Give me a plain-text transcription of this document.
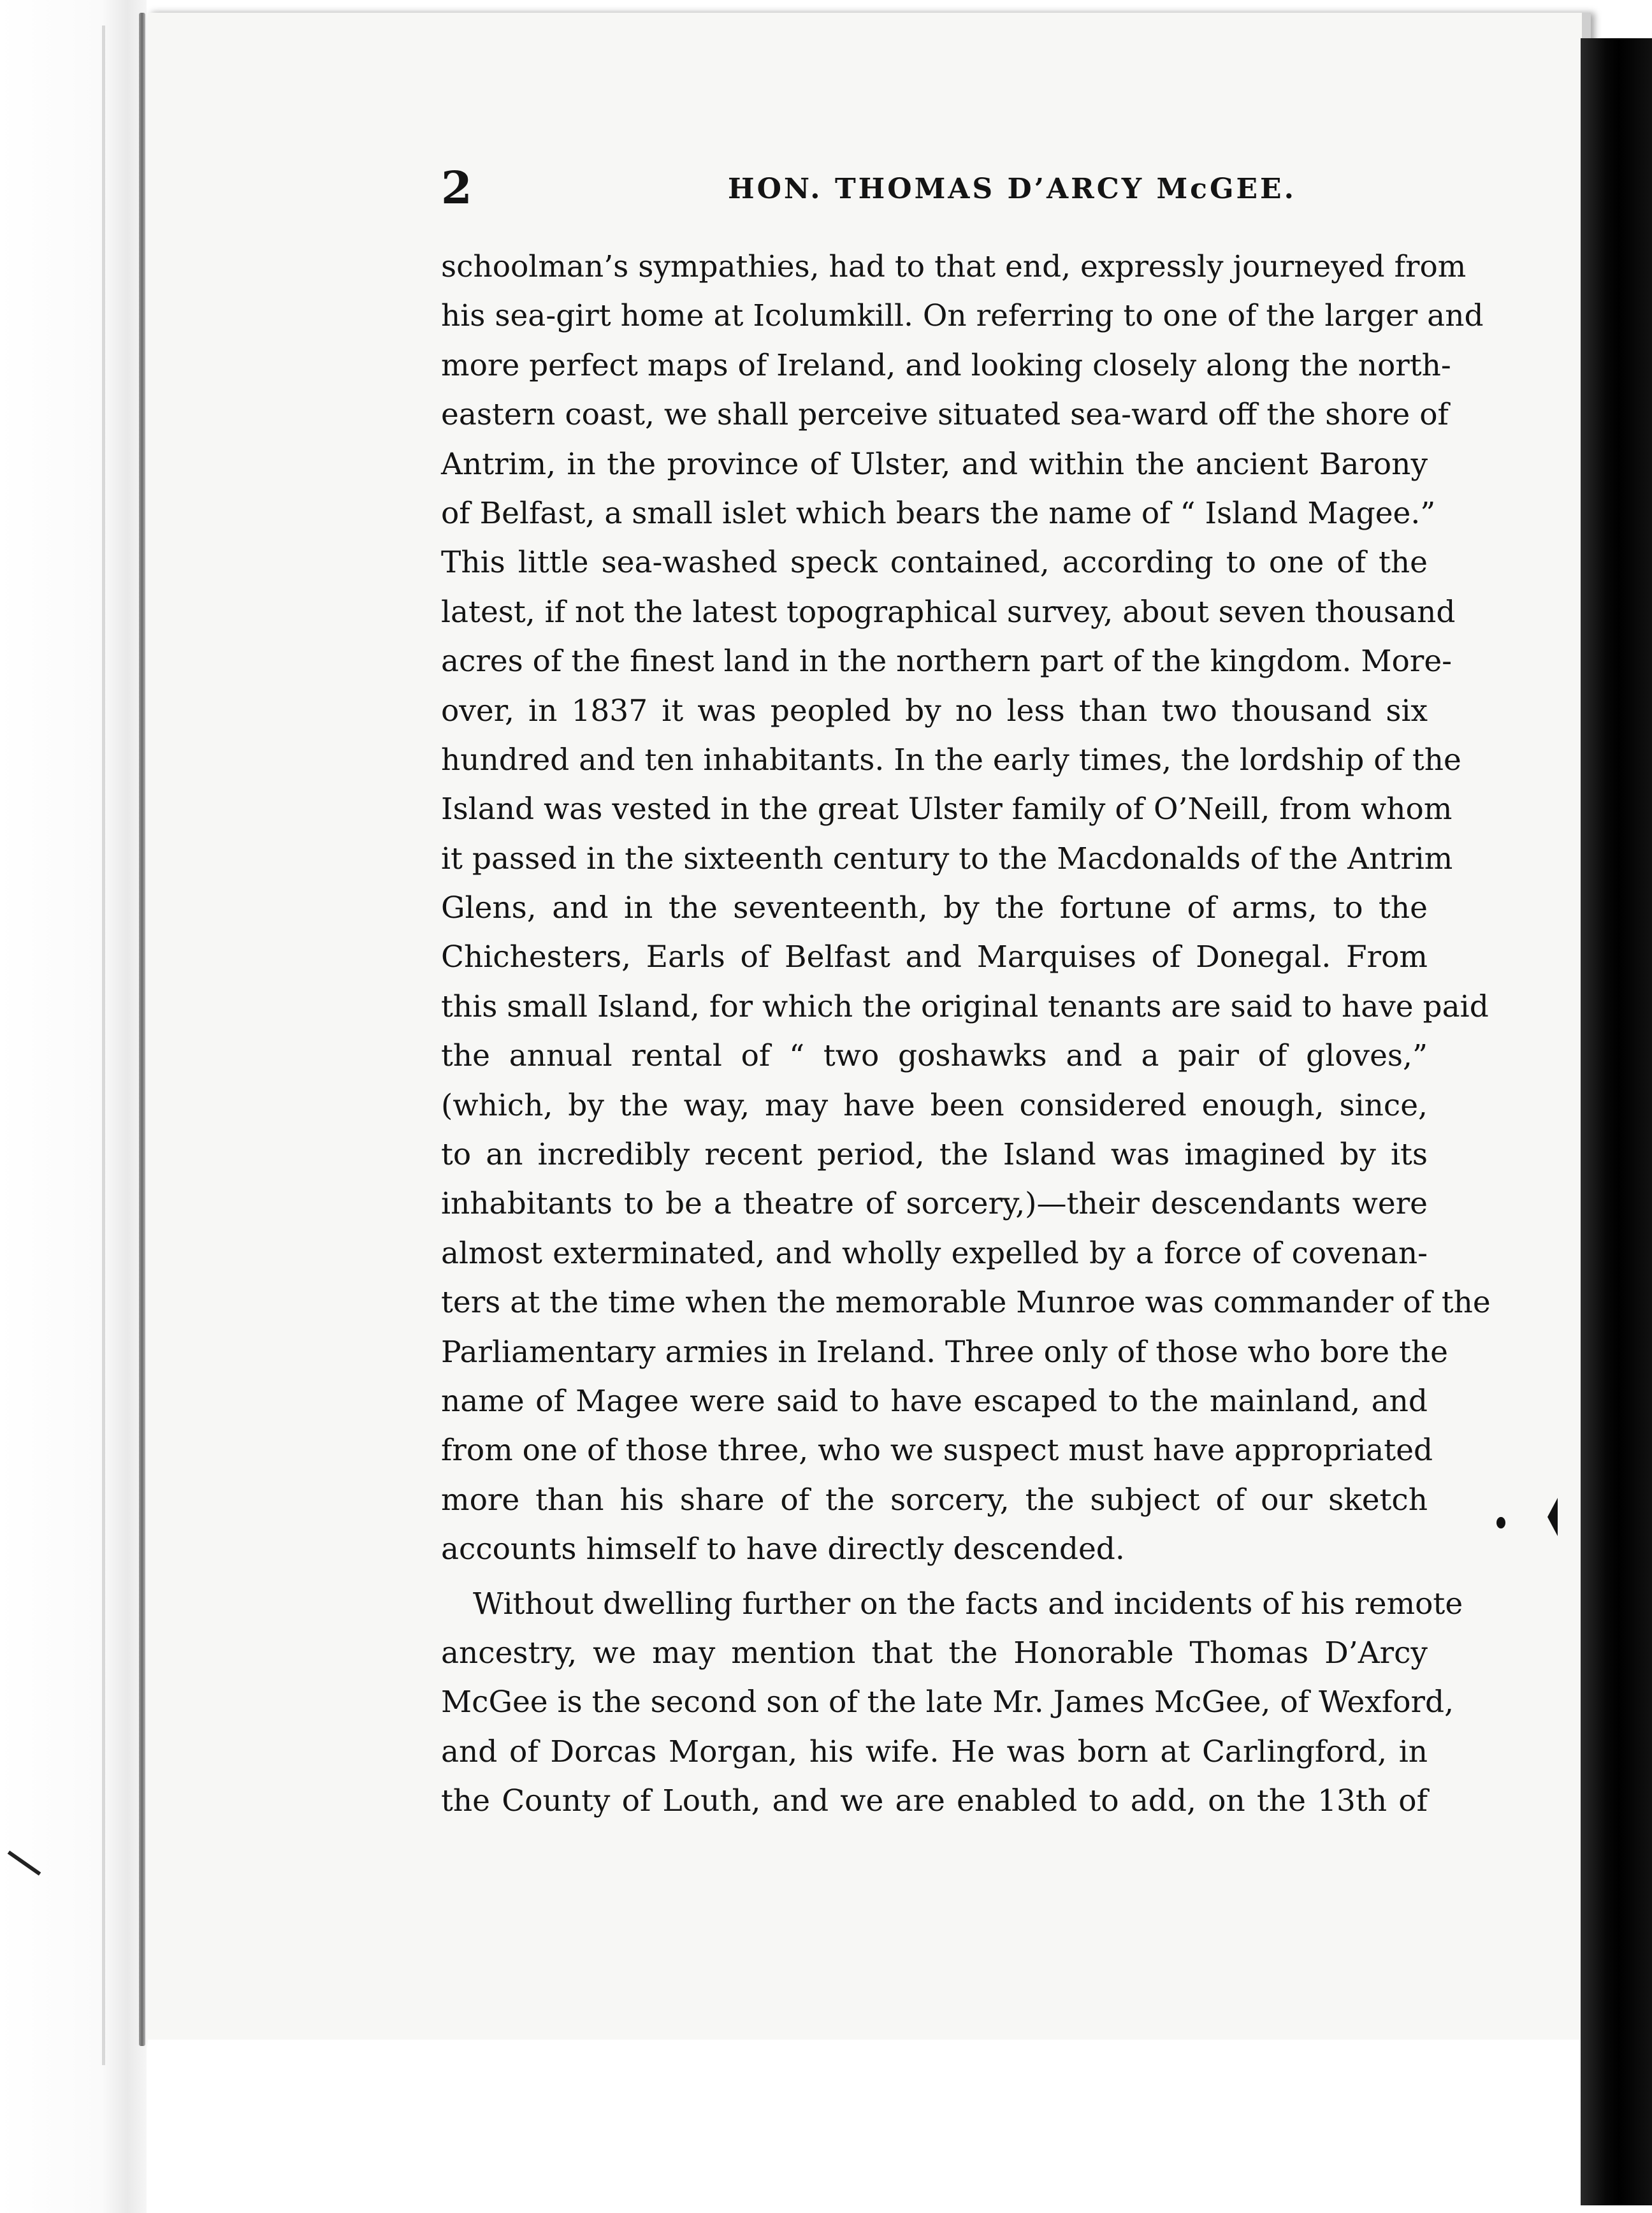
2	HON. THOMAS D’ARCY McGEE.
schoolman’s sympathies, had to that end, expressly journeyed from
his sea-girt home at Icolumkill. On referring to one of the larger and
more perfect maps of Ireland, and looking closely along the north-
eastern coast, we shall perceive situated sea-ward off the shore of
Antrim, in the province of Ulster, and within the ancient Barony
of Belfast, a small islet which bears the name of “ Island Magee.”
This little sea-washed speck contained, according to one of the
latest, if not the latest topographical survey, about seven thousand
acres of the finest land in the northern part of the kingdom. More-
over, in 1837 it was peopled by no less than two thousand six
hundred and ten inhabitants. In the early times, the lordship of the
Island was vested in the great Ulster family of O’Neill, from whom
it passed in the sixteenth century to the Macdonalds of the Antrim
Glens, and in the seventeenth, by the fortune of arms, to the
Chichesters, Earls of Belfast and Marquises of Donegal. From
this small Island, for which the original tenants are said to have paid
the annual rental of “ two goshawks and a pair of gloves,”
(which, by the way, may have been considered enough, since,
to an incredibly recent period, the Island was imagined by its
inhabitants to be a theatre of sorcery,)—their descendants were
almost exterminated, and wholly expelled by a force of covenan-
ters at the time when the memorable Munroe was commander of the
Parliamentary armies in Ireland. Three only of those who bore the
name of Magee were said to have escaped to the mainland, and
from one of those three, who we suspect must have appropriated
more than his share of the sorcery, the subject of our sketch
accounts himself to have directly descended.
Without dwelling further on the facts and incidents of his remote
ancestry, we may mention that the Honorable Thomas D’Arcy
McGee is the second son of the late Mr. James McGee, of Wexford,
and of Dorcas Morgan, his wife. He was born at Carlingford, in
the County of Louth, and we are enabled to add, on the 13th of
